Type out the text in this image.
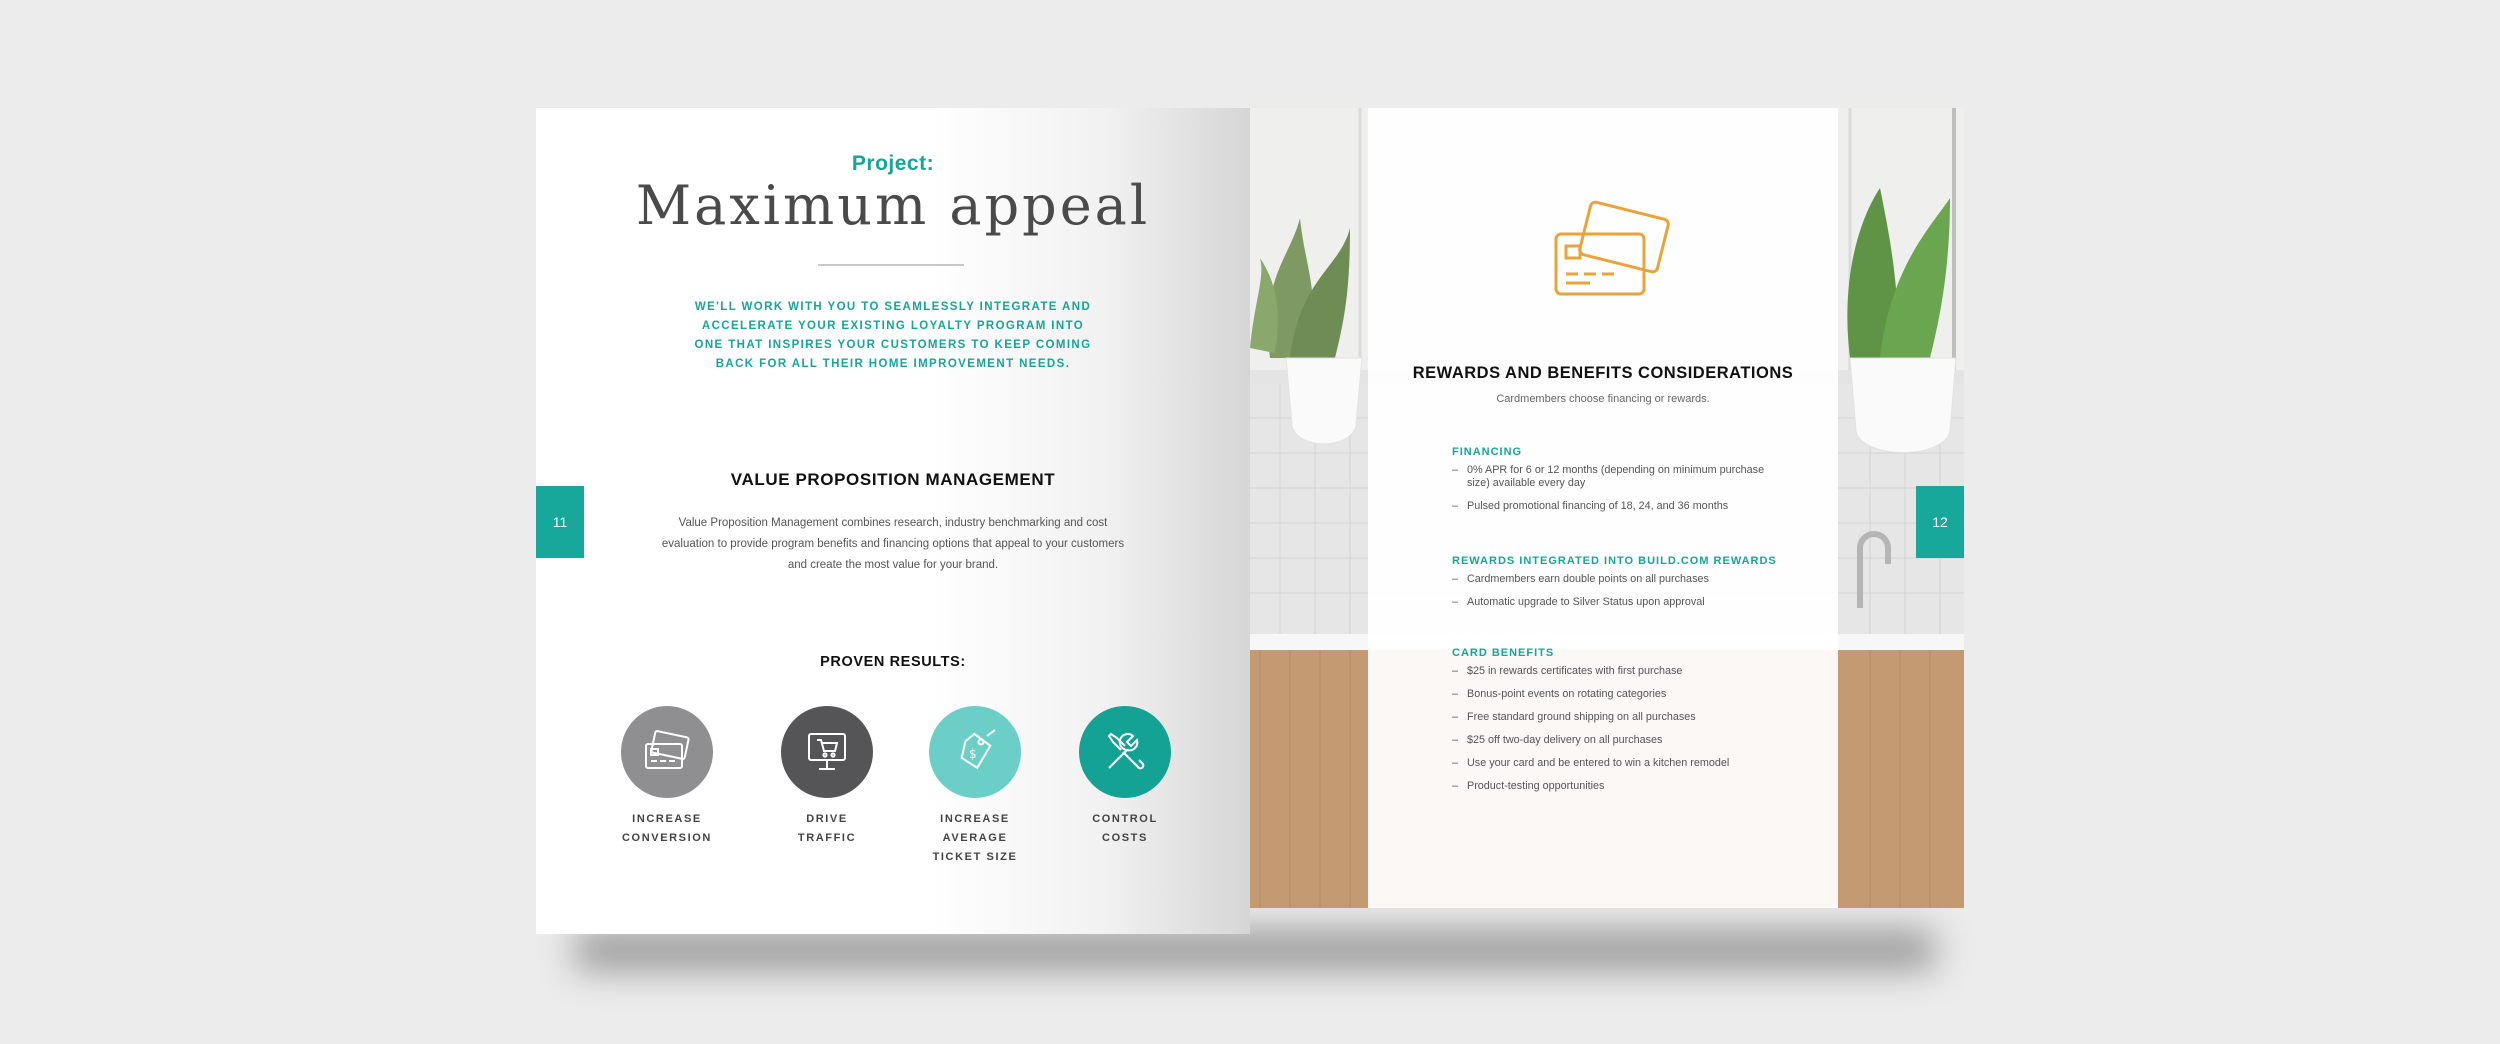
Project:
Maximum appeal
WE'LL WORK WITH YOU TO SEAMLESSLY INTEGRATE AND ACCELERATE YOUR EXISTING LOYALTY PROGRAM INTO ONE THAT INSPIRES YOUR CUSTOMERS TO KEEP COMING BACK FOR ALL THEIR HOME IMPROVEMENT NEEDS.
VALUE PROPOSITION MANAGEMENT
Value Proposition Management combines research, industry benchmarking and cost evaluation to provide program benefits and financing options that appeal to your customers and create the most value for your brand.
11
PROVEN RESULTS:
INCREASE
CONVERSION
DRIVE
TRAFFIC
$
INCREASE
AVERAGE
TICKET SIZE
CONTROL
COSTS
REWARDS AND BENEFITS CONSIDERATIONS
Cardmembers choose financing or rewards.
FINANCING
– 0% APR for 6 or 12 months (depending on minimum purchase size) available every day
– Pulsed promotional financing of 18, 24, and 36 months
REWARDS INTEGRATED INTO BUILD.COM REWARDS
– Cardmembers earn double points on all purchases
– Automatic upgrade to Silver Status upon approval
CARD BENEFITS
– $25 in rewards certificates with first purchase
– Bonus-point events on rotating categories
– Free standard ground shipping on all purchases
– $25 off two-day delivery on all purchases
– Use your card and be entered to win a kitchen remodel
– Product-testing opportunities
12
